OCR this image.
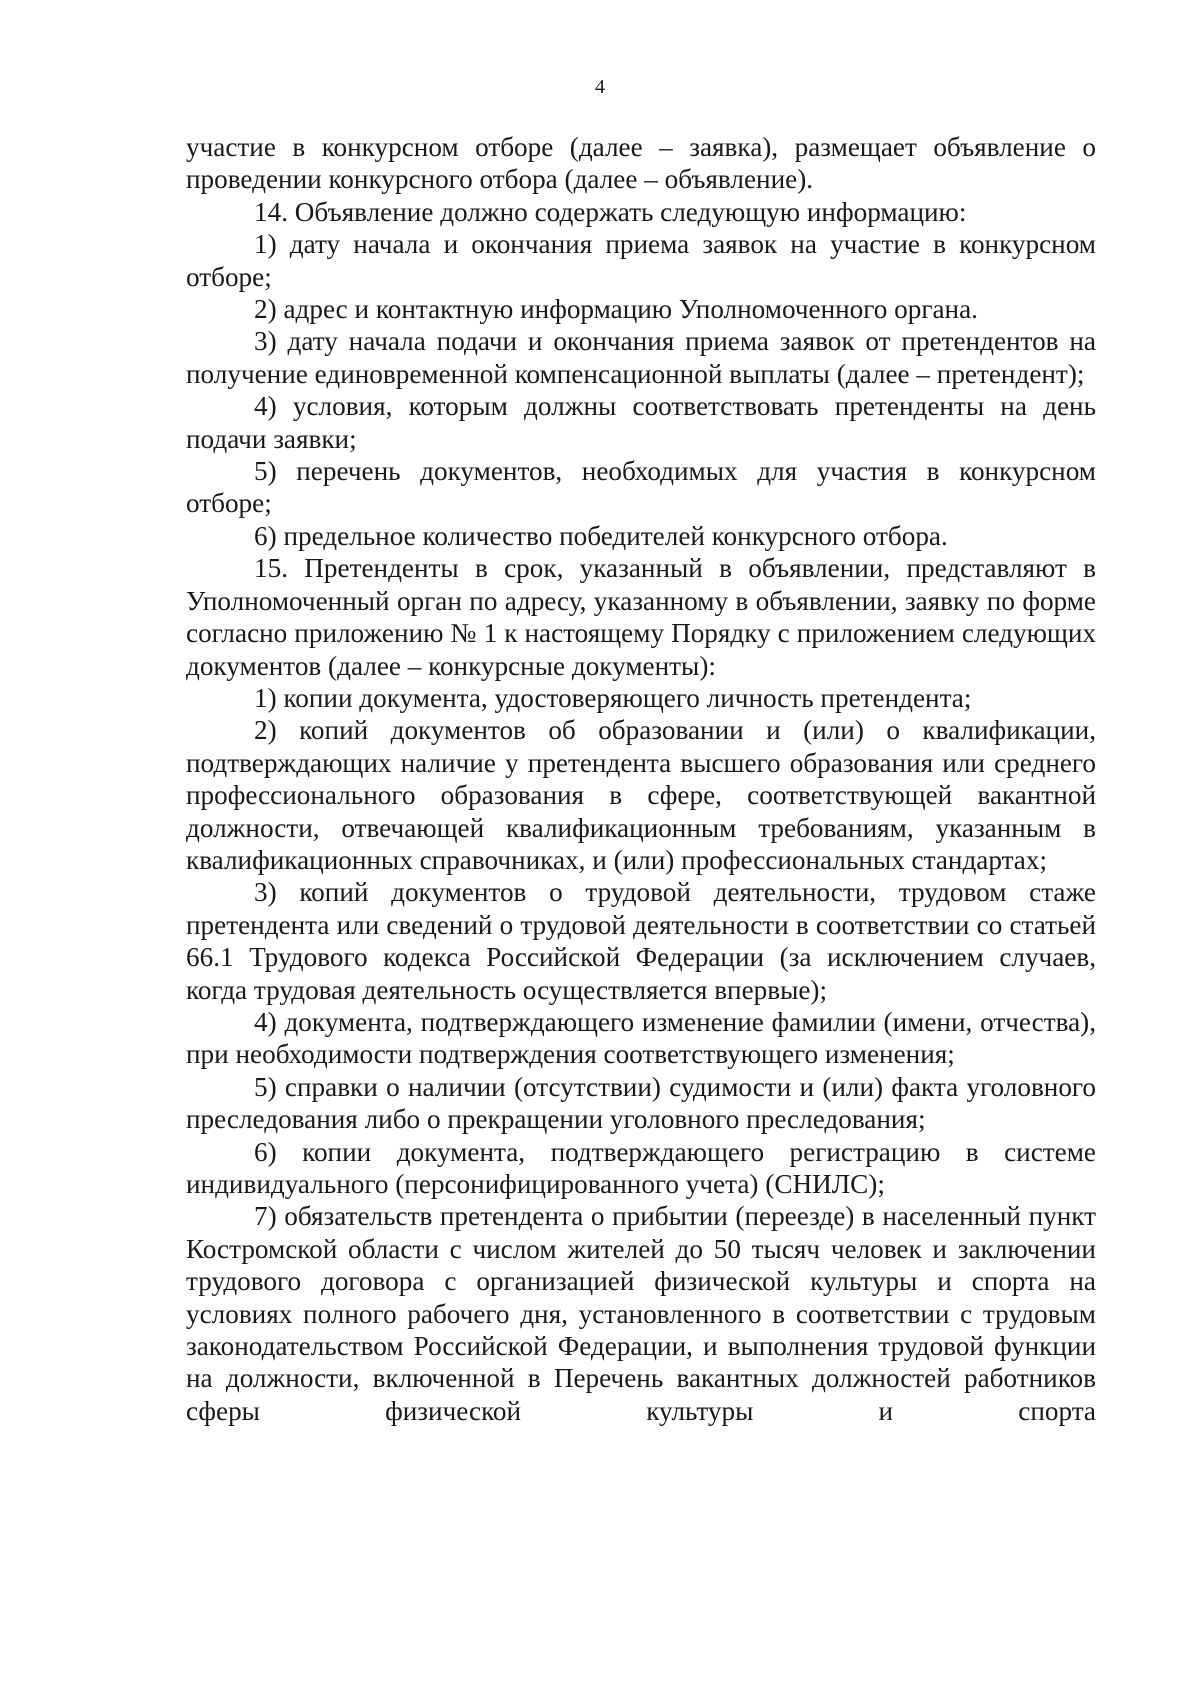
4

участие в конкурсном отборе (далее – заявка), размещает объявление о проведении конкурсного отбора (далее – объявление).

14. Объявление должно содержать следующую информацию:

1) дату начала и окончания приема заявок на участие в конкурсном отборе;

2) адрес и контактную информацию Уполномоченного органа.

3) дату начала подачи и окончания приема заявок от претендентов на получение единовременной компенсационной выплаты (далее – претендент);

4) условия, которым должны соответствовать претенденты на день подачи заявки;

5) перечень документов, необходимых для участия в конкурсном отборе;

6) предельное количество победителей конкурсного отбора.

15. Претенденты в срок, указанный в объявлении, представляют в Уполномоченный орган по адресу, указанному в объявлении, заявку по форме согласно приложению № 1 к настоящему Порядку с приложением следующих документов (далее – конкурсные документы):

1) копии документа, удостоверяющего личность претендента;

2) копий документов об образовании и (или) о квалификации, подтверждающих наличие у претендента высшего образования или среднего профессионального образования в сфере, соответствующей вакантной должности, отвечающей квалификационным требованиям, указанным в квалификационных справочниках, и (или) профессиональных стандартах;

3) копий документов о трудовой деятельности, трудовом стаже претендента или сведений о трудовой деятельности в соответствии со статьей 66.1 Трудового кодекса Российской Федерации (за исключением случаев, когда трудовая деятельность осуществляется впервые);

4) документа, подтверждающего изменение фамилии (имени, отчества), при необходимости подтверждения соответствующего изменения;

5) справки о наличии (отсутствии) судимости и (или) факта уголовного преследования либо о прекращении уголовного преследования;

6) копии документа, подтверждающего регистрацию в системе индивидуального (персонифицированного учета) (СНИЛС);

7) обязательств претендента о прибытии (переезде) в населенный пункт Костромской области с числом жителей до 50 тысяч человек и заключении трудового договора с организацией физической культуры и спорта на условиях полного рабочего дня, установленного в соответствии с трудовым законодательством Российской Федерации, и выполнения трудовой функции на должности, включенной в Перечень вакантных должностей работников сферы физической культуры и спорта
